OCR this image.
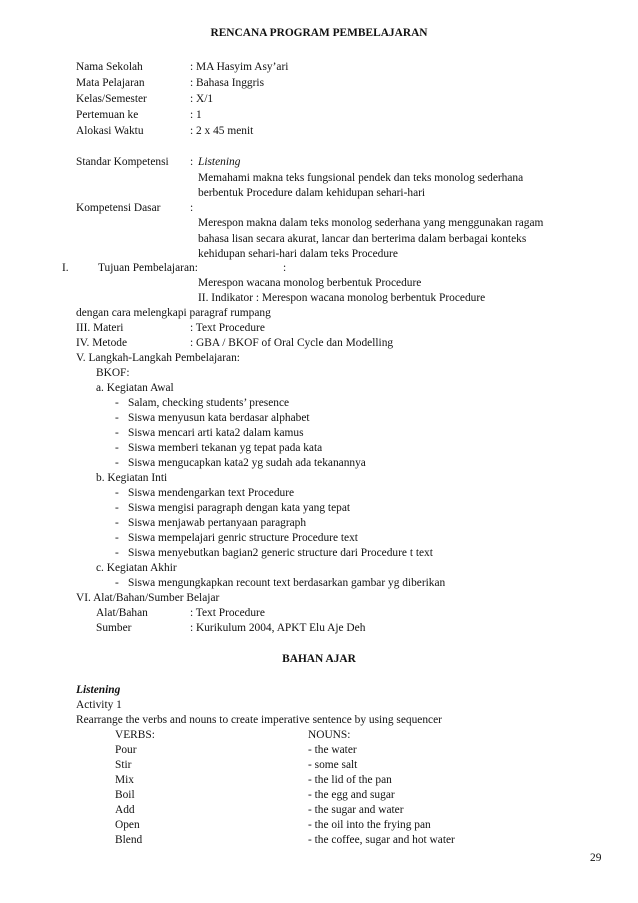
RENCANA PROGRAM PEMBELAJARAN
Nama Sekolah	: MA Hasyim Asy’ari
Mata Pelajaran	: Bahasa Inggris
Kelas/Semester	: X/1
Pertemuan ke	: 1
Alokasi Waktu	: 2 x 45 menit
Standar Kompetensi : Listening
Memahami makna teks fungsional pendek dan teks monolog sederhana
berbentuk Procedure dalam kehidupan sehari-hari
Kompetensi Dasar	:
Merespon makna dalam teks monolog sederhana yang menggunakan ragam
bahasa lisan secara akurat, lancar dan berterima dalam berbagai konteks
kehidupan sehari-hari dalam teks Procedure
I.	Tujuan Pembelajaran:	:
Merespon wacana monolog berbentuk Procedure
II. Indikator : Merespon wacana monolog berbentuk Procedure
dengan cara melengkapi paragraf rumpang
III. Materi	: Text Procedure
IV. Metode	: GBA / BKOF of Oral Cycle dan Modelling
V. Langkah-Langkah Pembelajaran:
BKOF:
a. Kegiatan Awal
- Salam, checking students’ presence
- Siswa menyusun kata berdasar alphabet
- Siswa mencari arti kata2 dalam kamus
- Siswa memberi tekanan yg tepat pada kata
- Siswa mengucapkan kata2 yg sudah ada tekanannya
b. Kegiatan Inti
- Siswa mendengarkan text Procedure
- Siswa mengisi paragraph dengan kata yang tepat
- Siswa menjawab pertanyaan paragraph
- Siswa mempelajari genric structure Procedure text
- Siswa menyebutkan bagian2 generic structure dari Procedure t text
c. Kegiatan Akhir
- Siswa mengungkapkan recount text berdasarkan gambar yg diberikan
VI. Alat/Bahan/Sumber Belajar
Alat/Bahan	: Text Procedure
Sumber	: Kurikulum 2004, APKT Elu Aje Deh
BAHAN AJAR
Listening
Activity 1
Rearrange the verbs and nouns to create imperative sentence by using sequencer
VERBS:	NOUNS:
Pour	- the water
Stir	- some salt
Mix	- the lid of the pan
Boil	- the egg and sugar
Add	- the sugar and water
Open	- the oil into the frying pan
Blend	- the coffee, sugar and hot water
29
